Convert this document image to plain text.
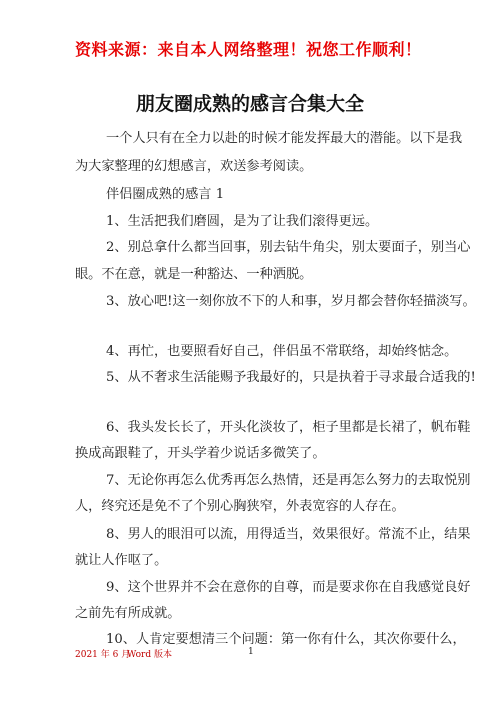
资料来源：来自本人网络整理！祝您工作顺利！
朋友圈成熟的感言合集大全
一个人只有在全力以赴的时候才能发挥最大的潜能。以下是我
为大家整理的幻想感言，欢送参考阅读。
伴侣圈成熟的感言 1
1、生活把我们磨圆，是为了让我们滚得更远。
2、别总拿什么都当回事，别去钻牛角尖，别太要面子，别当心
眼。不在意，就是一种豁达、一种洒脱。
3、放心吧!这一刻你放不下的人和事，岁月都会替你轻描淡写。
4、再忙，也要照看好自己，伴侣虽不常联络，却始终惦念。
5、从不奢求生活能赐予我最好的，只是执着于寻求最合适我的!
6、我头发长长了，开头化淡妆了，柜子里都是长裙了，帆布鞋
换成高跟鞋了，开头学着少说话多微笑了。
7、无论你再怎么优秀再怎么热情，还是再怎么努力的去取悦别
人，终究还是免不了个别心胸狭窄，外表宽容的人存在。
8、男人的眼泪可以流，用得适当，效果很好。常流不止，结果
就让人作呕了。
9、这个世界并不会在意你的自尊，而是要求你在自我感觉良好
之前先有所成就。
10、人肯定要想清三个问题：第一你有什么，其次你要什么，
2021 年 6 月
Word 版本	1
